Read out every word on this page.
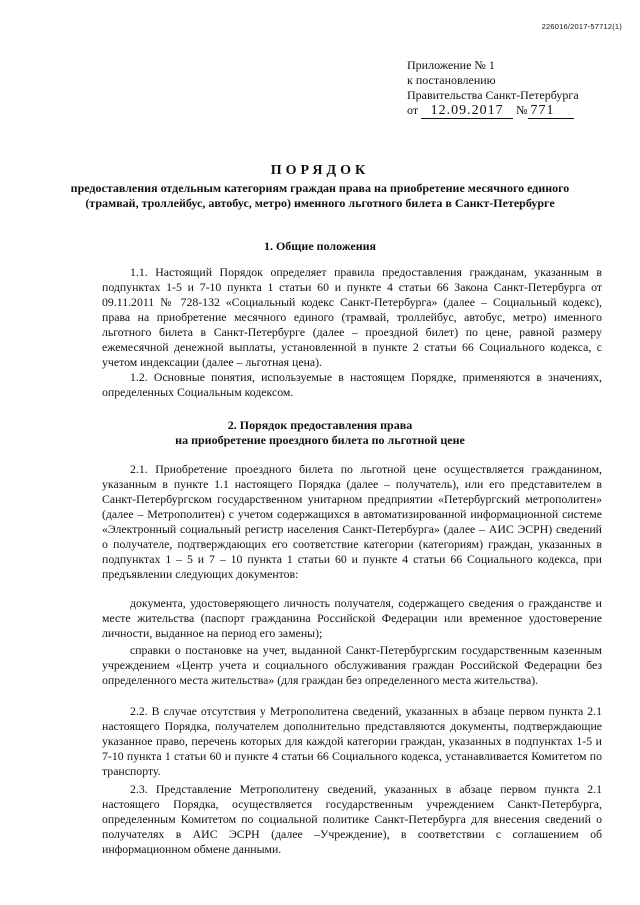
226016/2017-57712(1)
Приложение № 1
к постановлению
Правительства Санкт-Петербурга
от 12.09.2017 № 771
ПОРЯДОК
предоставления отдельным категориям граждан права на приобретение месячного единого (трамвай, троллейбус, автобус, метро) именного льготного билета в Санкт-Петербурге
1. Общие положения

1.1. Настоящий Порядок определяет правила предоставления гражданам, указанным в подпунктах 1-5 и 7-10 пункта 1 статьи 60 и пункте 4 статьи 66 Закона Санкт-Петербурга от 09.11.2011 № 728-132 «Социальный кодекс Санкт-Петербурга» (далее – Социальный кодекс), права на приобретение месячного единого (трамвай, троллейбус, автобус, метро) именного льготного билета в Санкт-Петербурге (далее – проездной билет) по цене, равной размеру ежемесячной денежной выплаты, установленной в пункте 2 статьи 66 Социального кодекса, с учетом индексации (далее – льготная цена).

1.2. Основные понятия, используемые в настоящем Порядке, применяются в значениях, определенных Социальным кодексом.

2. Порядок предоставления права
на приобретение проездного билета по льготной цене

2.1. Приобретение проездного билета по льготной цене осуществляется гражданином, указанным в пункте 1.1 настоящего Порядка (далее – получатель), или его представителем в Санкт-Петербургском государственном унитарном предприятии «Петербургский метрополитен» (далее – Метрополитен) с учетом содержащихся в автоматизированной информационной системе «Электронный социальный регистр населения Санкт-Петербурга» (далее – АИС ЭСРН) сведений о получателе, подтверждающих его соответствие категории (категориям) граждан, указанных в подпунктах 1 – 5 и 7 – 10 пункта 1 статьи 60 и пункте 4 статьи 66 Социального кодекса, при предъявлении следующих документов:

документа, удостоверяющего личность получателя, содержащего сведения о гражданстве и месте жительства (паспорт гражданина Российской Федерации или временное удостоверение личности, выданное на период его замены);

справки о постановке на учет, выданной Санкт-Петербургским государственным казенным учреждением «Центр учета и социального обслуживания граждан Российской Федерации без определенного места жительства» (для граждан без определенного места жительства).

2.2. В случае отсутствия у Метрополитена сведений, указанных в абзаце первом пункта 2.1 настоящего Порядка, получателем дополнительно представляются документы, подтверждающие указанное право, перечень которых для каждой категории граждан, указанных в подпунктах 1-5 и 7-10 пункта 1 статьи 60 и пункте 4 статьи 66 Социального кодекса, устанавливается Комитетом по транспорту.

2.3. Представление Метрополитену сведений, указанных в абзаце первом пункта 2.1 настоящего Порядка, осуществляется государственным учреждением Санкт-Петербурга, определенным Комитетом по социальной политике Санкт-Петербурга для внесения сведений о получателях в АИС ЭСРН (далее –Учреждение), в соответствии с соглашением об информационном обмене данными.
